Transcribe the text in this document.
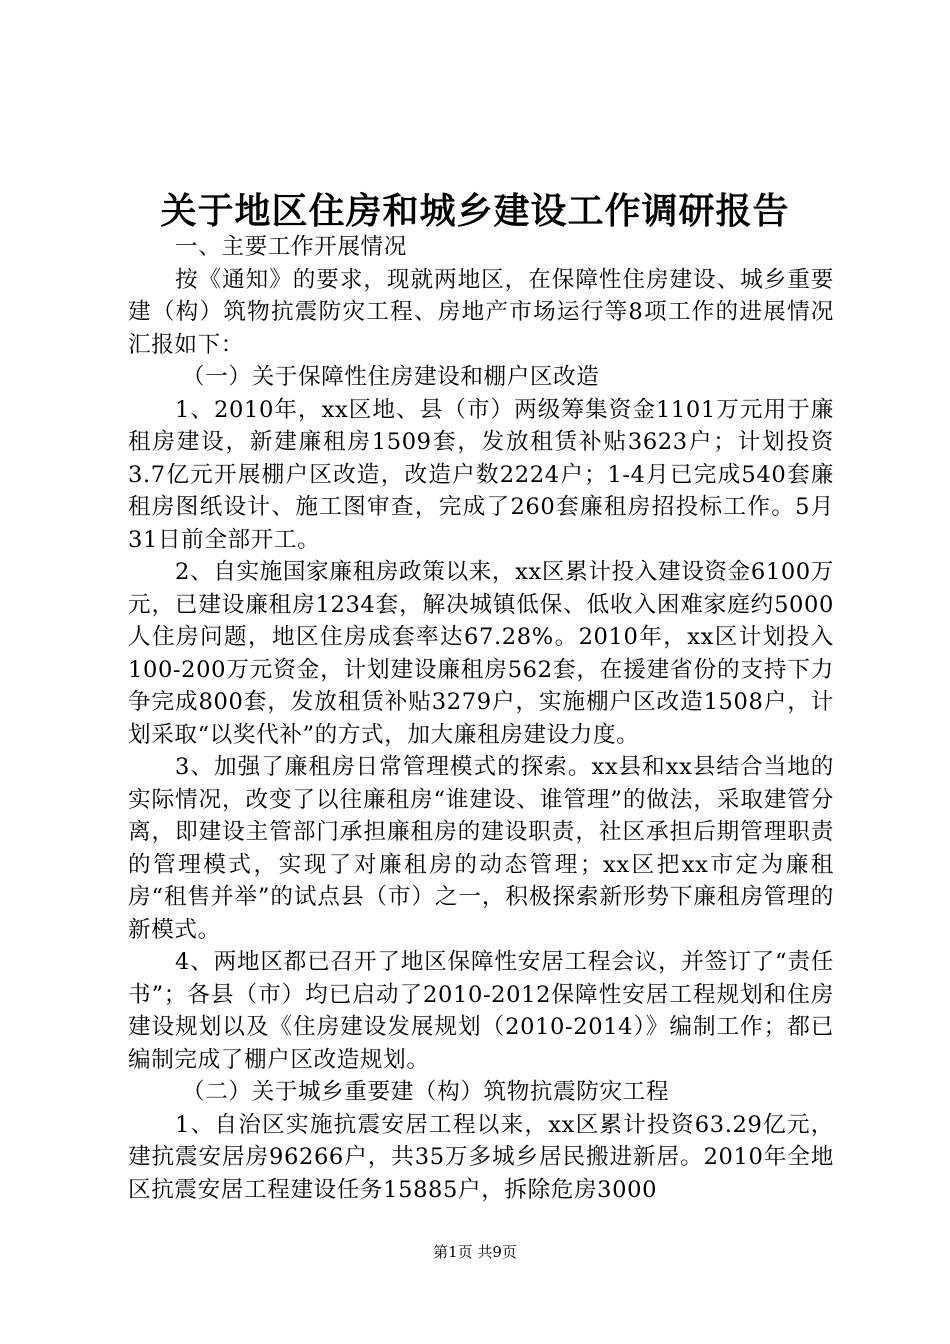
关于地区住房和城乡建设工作调研报告

一、主要工作开展情况

按《通知》的要求，现就两地区，在保障性住房建设、城乡重要建（构）筑物抗震防灾工程、房地产市场运行等8项工作的进展情况汇报如下：

（一）关于保障性住房建设和棚户区改造

1、2010年，xx区地、县（市）两级筹集资金1101万元用于廉租房建设，新建廉租房1509套，发放租赁补贴3623户；计划投资3.7亿元开展棚户区改造，改造户数2224户；1-4月已完成540套廉租房图纸设计、施工图审查，完成了260套廉租房招投标工作。5月31日前全部开工。

2、自实施国家廉租房政策以来，xx区累计投入建设资金6100万元，已建设廉租房1234套，解决城镇低保、低收入困难家庭约5000人住房问题，地区住房成套率达67.28%。2010年，xx区计划投入100-200万元资金，计划建设廉租房562套，在援建省份的支持下力争完成800套，发放租赁补贴3279户，实施棚户区改造1508户，计划采取“以奖代补”的方式，加大廉租房建设力度。

3、加强了廉租房日常管理模式的探索。xx县和xx县结合当地的实际情况，改变了以往廉租房“谁建设、谁管理”的做法，采取建管分离，即建设主管部门承担廉租房的建设职责，社区承担后期管理职责的管理模式，实现了对廉租房的动态管理；xx区把xx市定为廉租房“租售并举”的试点县（市）之一，积极探索新形势下廉租房管理的新模式。

4、两地区都已召开了地区保障性安居工程会议，并签订了“责任书”；各县（市）均已启动了2010-2012保障性安居工程规划和住房建设规划以及《住房建设发展规划（2010-2014）》编制工作；都已编制完成了棚户区改造规划。

（二）关于城乡重要建（构）筑物抗震防灾工程

1、自治区实施抗震安居工程以来，xx区累计投资63.29亿元，建抗震安居房96266户，共35万多城乡居民搬进新居。2010年全地区抗震安居工程建设任务15885户，拆除危房3000

第1页 共9页
